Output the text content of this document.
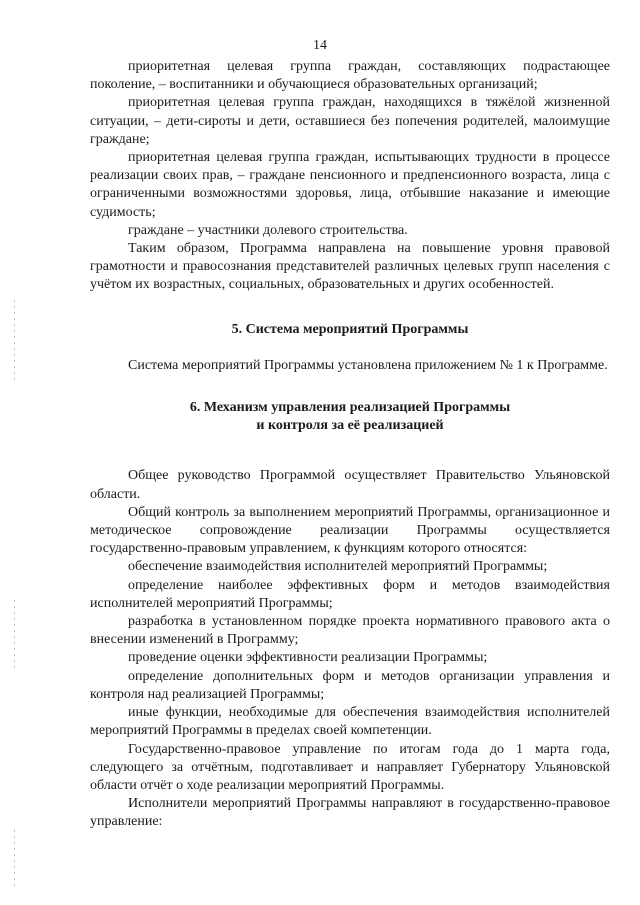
14

приоритетная целевая группа граждан, составляющих подрастающее поколение, – воспитанники и обучающиеся образовательных организаций;

приоритетная целевая группа граждан, находящихся в тяжёлой жизненной ситуации, – дети-сироты и дети, оставшиеся без попечения родителей, малоимущие граждане;

приоритетная целевая группа граждан, испытывающих трудности в процессе реализации своих прав, – граждане пенсионного и предпенсионного возраста, лица с ограниченными возможностями здоровья, лица, отбывшие наказание и имеющие судимость;

граждане – участники долевого строительства.

Таким образом, Программа направлена на повышение уровня правовой грамотности и правосознания представителей различных целевых групп населения с учётом их возрастных, социальных, образовательных и других особенностей.

5. Система мероприятий Программы

Система мероприятий Программы установлена приложением № 1 к Программе.

6. Механизм управления реализацией Программы

и контроля за её реализацией

Общее руководство Программой осуществляет Правительство Ульяновской области.

Общий контроль за выполнением мероприятий Программы, организационное и методическое сопровождение реализации Программы осуществляется государственно-правовым управлением, к функциям которого относятся:

обеспечение взаимодействия исполнителей мероприятий Программы;

определение наиболее эффективных форм и методов взаимодействия исполнителей мероприятий Программы;

разработка в установленном порядке проекта нормативного правового акта о внесении изменений в Программу;

проведение оценки эффективности реализации Программы;

определение дополнительных форм и методов организации управления и контроля над реализацией Программы;

иные функции, необходимые для обеспечения взаимодействия исполнителей мероприятий Программы в пределах своей компетенции.

Государственно-правовое управление по итогам года до 1 марта года, следующего за отчётным, подготавливает и направляет Губернатору Ульяновской области отчёт о ходе реализации мероприятий Программы.

Исполнители мероприятий Программы направляют в государственно-правовое управление:
